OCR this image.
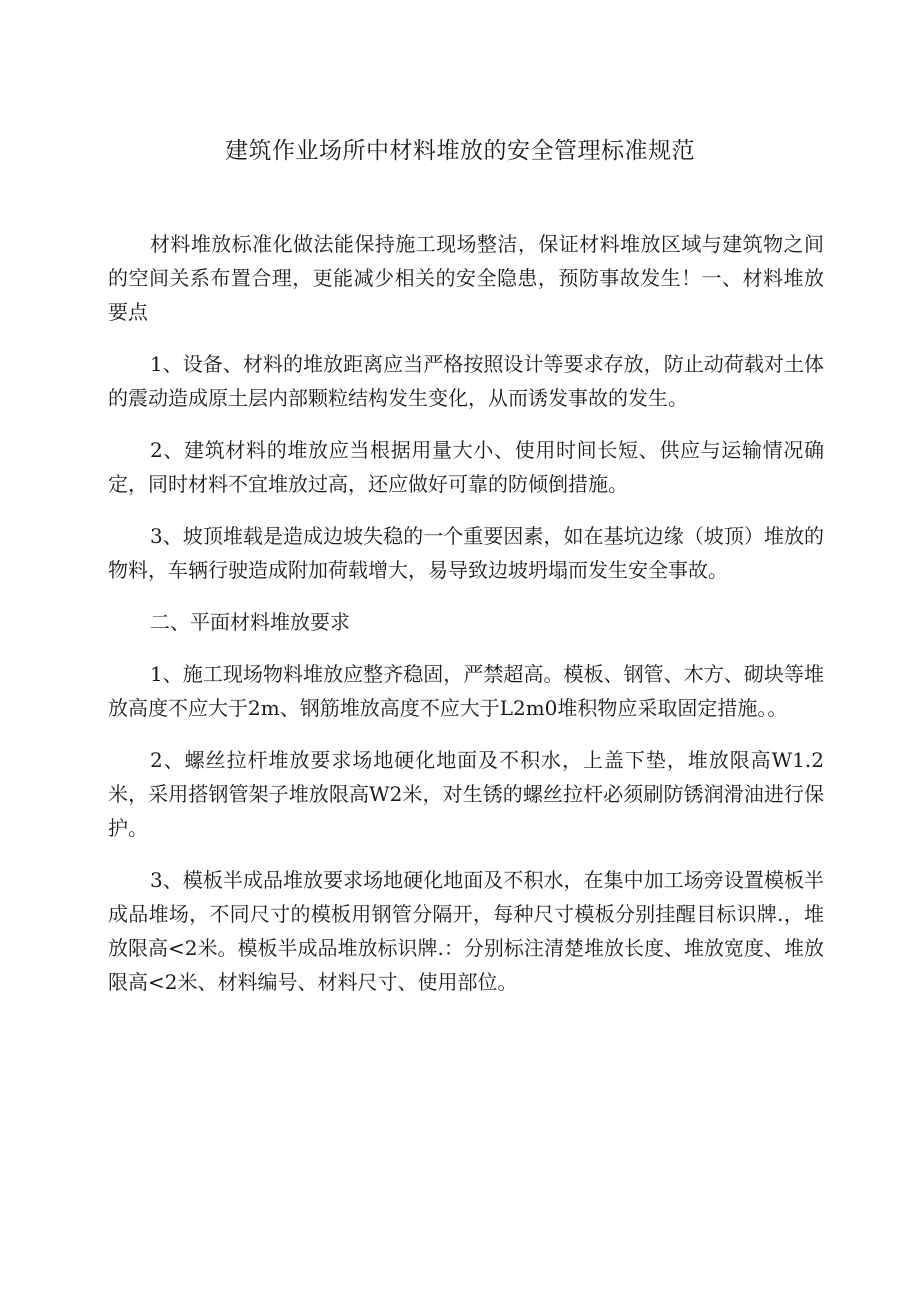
建筑作业场所中材料堆放的安全管理标准规范

材料堆放标准化做法能保持施工现场整洁，保证材料堆放区域与建筑物之间的空间关系布置合理，更能减少相关的安全隐患，预防事故发生！一、材料堆放要点

1、设备、材料的堆放距离应当严格按照设计等要求存放，防止动荷载对土体的震动造成原土层内部颗粒结构发生变化，从而诱发事故的发生。

2、建筑材料的堆放应当根据用量大小、使用时间长短、供应与运输情况确定，同时材料不宜堆放过高，还应做好可靠的防倾倒措施。

3、坡顶堆载是造成边坡失稳的一个重要因素，如在基坑边缘（坡顶）堆放的物料，车辆行驶造成附加荷载增大，易导致边坡坍塌而发生安全事故。

二、平面材料堆放要求

1、施工现场物料堆放应整齐稳固，严禁超高。模板、钢管、木方、砌块等堆放高度不应大于2m、钢筋堆放高度不应大于L2m0堆积物应采取固定措施。。

2、螺丝拉杆堆放要求场地硬化地面及不积水，上盖下垫，堆放限高W1.2米，采用搭钢管架子堆放限高W2米，对生锈的螺丝拉杆必须刷防锈润滑油进行保护。

3、模板半成品堆放要求场地硬化地面及不积水，在集中加工场旁设置模板半成品堆场，不同尺寸的模板用钢管分隔开，每种尺寸模板分别挂醒目标识牌.，堆放限高<2米。模板半成品堆放标识牌.：分别标注清楚堆放长度、堆放宽度、堆放限高<2米、材料编号、材料尺寸、使用部位。
